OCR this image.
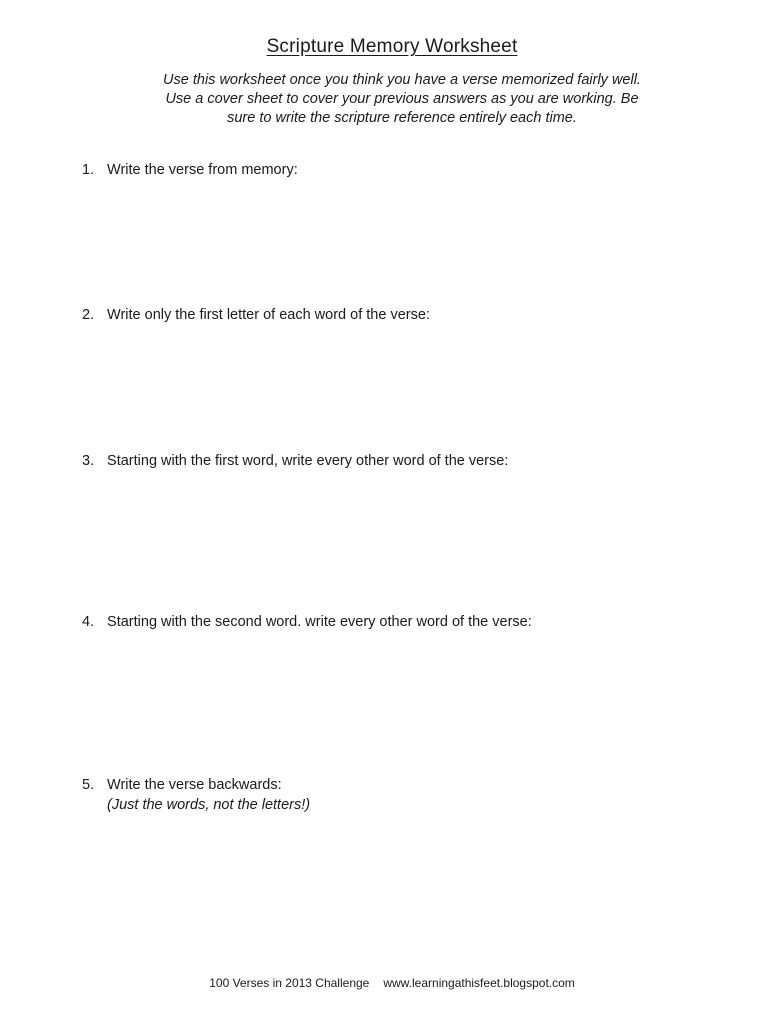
Scripture Memory Worksheet
Use this worksheet once you think you have a verse memorized fairly well.
Use a cover sheet to cover your previous answers as you are working. Be
sure to write the scripture reference entirely each time.
1. Write the verse from memory:
2. Write only the first letter of each word of the verse:
3. Starting with the first word, write every other word of the verse:
4. Starting with the second word. write every other word of the verse:
5. Write the verse backwards:
(Just the words, not the letters!)
100 Verses in 2013 Challenge www.learningathisfeet.blogspot.com
